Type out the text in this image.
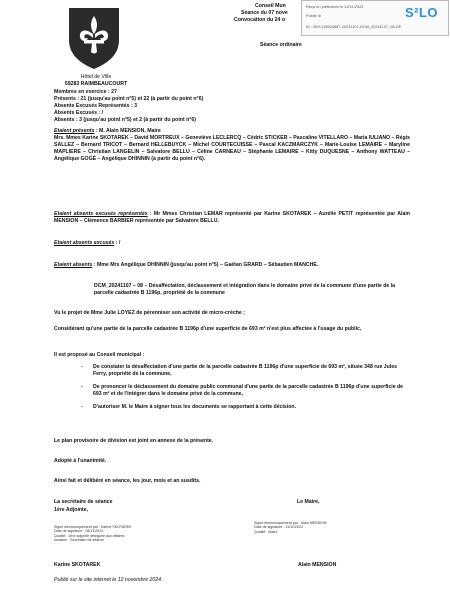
Hôtel de Ville
59283 RAIMBEAUCOURT
Conseil Mun
Séance du 07 nove
Convocation du 24 o
Séance ordinaire
Reçu en préfecture le 12/11/2024
Publié le
ID : 059-215904887-20241107-DCM_20241107_08-DE
S²LO
Membres en exercice : 27
Présents : 21 (jusqu'au point n°5) et 22 (à partir du point n°6)
Absents Excusés Représentés : 3
Absents Excusés : /
Absents : 3 (jusqu'au point n°5) et 2 (à partir du point n°6)
Etaient présents : M. Alain MENSION, Maire
Mrs. Mmes Karine SKOTAREK – David MORTREUX – Geneviève LECLERCQ – Cédric STICKER – Pascaline VITELLARO – Maria IULIANO – Régis SALLEZ – Bernard TRICOT – Bernard HELLEBUYCK – Michel COURTECUISSE – Pascal KACZMARCZYK – Marie-Louise LEMAIRE – Maryline MAPLIERE – Christian LANGELIN – Salvatore BELLU – Céline CARNEAU – Stéphanie LEMAIRE – Kitty DUQUESNE – Anthony WATTEAU – Angélique GOGÉ – Angélique DHINNIN (à partir du point n°6).
Etaient absents excusés représentés : Mr Mmes Christian LEMAR représenté par Karine SKOTAREK – Aurélie PETIT représentée par Alain MENSION – Clémence BARBIER représentée par Salvatore BELLU.
Etaient absents excusés : /
Etaient absents : Mme Mrs Angélique DHINNIN (jusqu'au point n°5) – Gaëtan GRARD – Sébastien MANCHE.
DCM_20241107 – 08 – Désaffectation, déclassement et intégration dans le domaine privé de la commune d'une partie de la parcelle cadastrée B 1196p, propriété de la commune
Vu le projet de Mme Julie LOYEZ de pérenniser son activité de micro-crèche ;
Considérant qu'une partie de la parcelle cadastrée B 1196p d'une superficie de 693 m² n'est plus affectée à l'usage du public,
Il est proposé au Conseil municipal :
- De constater la désaffectation d'une partie de la parcelle cadastrée B 1196p d'une superficie de 693 m², située 348 rue Jules Ferry, propriété de la commune,
- De prononcer le déclassement du domaine public communal d'une partie de la parcelle cadastrée B 1196p d'une superficie de 693 m² et de l'intégrer dans le domaine privé de la commune,
- D'autoriser M. le Maire à signer tous les documents se rapportant à cette décision.
Le plan provisoire de division est joint en annexe de la présente.
Adopté à l'unanimité.
Ainsi fait et délibéré en séance, les jour, mois et an susdits.
La secrétaire de séance
1ère Adjointe,
Le Maire,
Signé électroniquement par : Karine SKOTAREK
Date de signature : 08/11/2024
Qualité : 1ère adjointe déléguée aux affaires
sociales - Secrétaire de séance
Signé électroniquement par : Alain MENSION
Date de signature : 11/11/2024
Qualité : Maire
Karine SKOTAREK	Alain MENSION
Publié sur le site internet le 12 novembre 2024.
